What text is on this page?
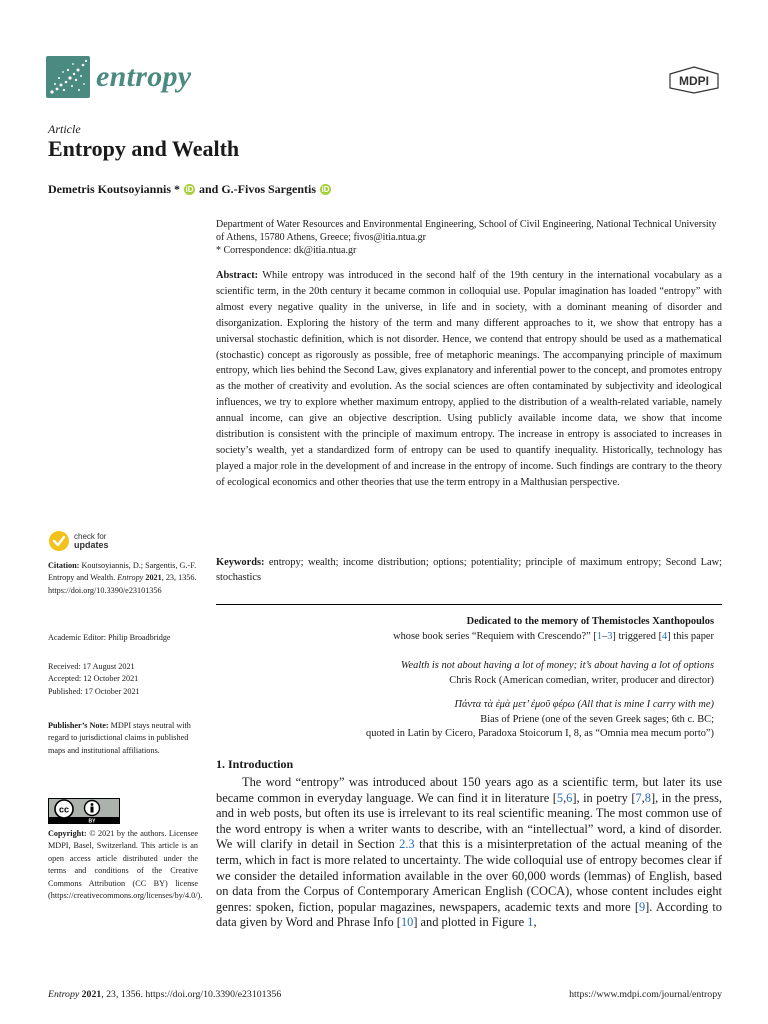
entropy	MDPI
Article
Entropy and Wealth
Demetris Koutsoyiannis * iD and G.-Fivos Sargentis iD
Department of Water Resources and Environmental Engineering, School of Civil Engineering, National Technical University of Athens, 15780 Athens, Greece; fivos@itia.ntua.gr
* Correspondence: dk@itia.ntua.gr
Abstract: While entropy was introduced in the second half of the 19th century in the international vocabulary as a scientific term, in the 20th century it became common in colloquial use. Popular imagination has loaded “entropy” with almost every negative quality in the universe, in life and in society, with a dominant meaning of disorder and disorganization. Exploring the history of the term and many different approaches to it, we show that entropy has a universal stochastic definition, which is not disorder. Hence, we contend that entropy should be used as a mathematical (stochastic) concept as rigorously as possible, free of metaphoric meanings. The accompanying principle of maximum entropy, which lies behind the Second Law, gives explanatory and inferential power to the concept, and promotes entropy as the mother of creativity and evolution. As the social sciences are often contaminated by subjectivity and ideological influences, we try to explore whether maximum entropy, applied to the distribution of a wealth-related variable, namely annual income, can give an objective description. Using publicly available income data, we show that income distribution is consistent with the principle of maximum entropy. The increase in entropy is associated to increases in society’s wealth, yet a standardized form of entropy can be used to quantify inequality. Historically, technology has played a major role in the development of and increase in the entropy of income. Such findings are contrary to the theory of ecological economics and other theories that use the term entropy in a Malthusian perspective.
Keywords: entropy; wealth; income distribution; options; potentiality; principle of maximum entropy; Second Law; stochastics
Dedicated to the memory of Themistocles Xanthopoulos
whose book series “Requiem with Crescendo?” [1–3] triggered [4] this paper
Wealth is not about having a lot of money; it’s about having a lot of options
Chris Rock (American comedian, writer, producer and director)
Πάντα τὰ ἐμὰ μετ’ ἐμοῦ φέρω (All that is mine I carry with me)
Bias of Priene (one of the seven Greek sages; 6th c. BC;
quoted in Latin by Cicero, Paradoxa Stoicorum I, 8, as “Omnia mea mecum porto”)
1. Introduction
The word “entropy” was introduced about 150 years ago as a scientific term, but later its use became common in everyday language. We can find it in literature [5,6], in poetry [7,8], in the press, and in web posts, but often its use is irrelevant to its real scientific meaning. The most common use of the word entropy is when a writer wants to describe, with an “intellectual” word, a kind of disorder. We will clarify in detail in Section 2.3 that this is a misinterpretation of the actual meaning of the term, which in fact is more related to uncertainty. The wide colloquial use of entropy becomes clear if we consider the detailed information available in the over 60,000 words (lemmas) of English, based on data from the Corpus of Contemporary American English (COCA), whose content includes eight genres: spoken, fiction, popular magazines, newspapers, academic texts and more [9]. According to data given by Word and Phrase Info [10] and plotted in Figure 1,
check for
updates
Citation: Koutsoyiannis, D.; Sargentis, G.-F. Entropy and Wealth. Entropy 2021, 23, 1356. https://doi.org/10.3390/e23101356
Academic Editor: Philip Broadbridge
Received: 17 August 2021
Accepted: 12 October 2021
Published: 17 October 2021
Publisher’s Note: MDPI stays neutral with regard to jurisdictional claims in published maps and institutional affiliations.
cc
BY
Copyright: © 2021 by the authors. Licensee MDPI, Basel, Switzerland. This article is an open access article distributed under the terms and conditions of the Creative Commons Attribution (CC BY) license (https://creativecommons.org/licenses/by/4.0/).
Entropy 2021, 23, 1356. https://doi.org/10.3390/e23101356	https://www.mdpi.com/journal/entropy
